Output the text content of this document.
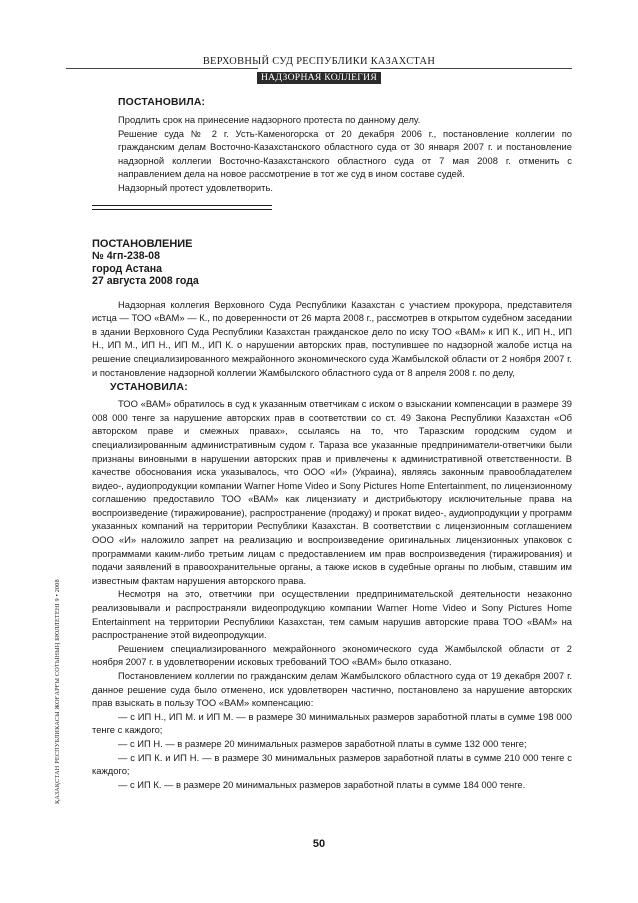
ВЕРХОВНЫЙ СУД РЕСПУБЛИКИ КАЗАХСТАН
НАДЗОРНАЯ КОЛЛЕГИЯ
ҚАЗАҚСТАН РЕСПУБЛИКАСЫ ЖОҒАРҒЫ СОТЫНЫҢ БЮЛЛЕТЕНІ 9 • 2008

ПОСТАНОВИЛА:

Продлить срок на принесение надзорного протеста по данному делу.

Решение суда № 2 г. Усть-Каменогорска от 20 декабря 2006 г., постановление коллегии по гражданским делам Восточно-Казахстанского областного суда от 30 января 2007 г. и постановление надзорной коллегии Восточно-Казахстанского областного суда от 7 мая 2008 г. отменить с направлением дела на новое рассмотрение в тот же суд в ином составе судей.

Надзорный протест удовлетворить.

ПОСТАНОВЛЕНИЕ
№ 4гп-238-08
город Астана
27 августа 2008 года

Надзорная коллегия Верховного Суда Республики Казахстан с участием прокурора, представителя истца — ТОО «ВАМ» — К., по доверенности от 26 марта 2008 г., рассмотрев в открытом судебном заседании в здании Верховного Суда Республики Казахстан гражданское дело по иску ТОО «ВАМ» к ИП К., ИП Н., ИП Н., ИП М., ИП Н., ИП М., ИП К. о нарушении авторских прав, поступившее по надзорной жалобе истца на решение специализированного межрайонного экономического суда Жамбылской области от 2 ноября 2007 г. и постановление надзорной коллегии Жамбылского областного суда от 8 апреля 2008 г. по делу,

УСТАНОВИЛА:

ТОО «ВАМ» обратилось в суд к указанным ответчикам с иском о взыскании компенсации в размере 39 008 000 тенге за нарушение авторских прав в соответствии со ст. 49 Закона Республики Казахстан «Об авторском праве и смежных правах», ссылаясь на то, что Таразским городским судом и специализированным административным судом г. Тараза все указанные предприниматели-ответчики были признаны виновными в нарушении авторских прав и привлечены к административной ответственности. В качестве обоснования иска указывалось, что ООО «И» (Украина), являясь законным правообладателем видео-, аудиопродукции компании Warner Home Video и Sony Pictures Home Entertainment, по лицензионному соглашению предоставило ТОО «ВАМ» как лицензиату и дистрибьютору исключительные права на воспроизведение (тиражирование), распространение (продажу) и прокат видео-, аудиопродукции у программ указанных компаний на территории Республики Казахстан. В соответствии с лицензионным соглашением ООО «И» наложило запрет на реализацию и воспроизведение оригинальных лицензионных упаковок с программами каким-либо третьим лицам с предоставлением им прав воспроизведения (тиражирования) и подачи заявлений в правоохранительные органы, а также исков в судебные органы по любым, ставшим им известным фактам нарушения авторского права.

Несмотря на это, ответчики при осуществлении предпринимательской деятельности незаконно реализовывали и распространяли видеопродукцию компании Warner Home Video и Sony Pictures Home Entertainment на территории Республики Казахстан, тем самым нарушив авторские права ТОО «ВАМ» на распространение этой видеопродукции.

Решением специализированного межрайонного экономического суда Жамбылской области от 2 ноября 2007 г. в удовлетворении исковых требований ТОО «ВАМ» было отказано.

Постановлением коллегии по гражданским делам Жамбылского областного суда от 19 декабря 2007 г. данное решение суда было отменено, иск удовлетворен частично, постановлено за нарушение авторских прав взыскать в пользу ТОО «ВАМ» компенсацию:

— с ИП Н., ИП М. и ИП М. — в размере 30 минимальных размеров заработной платы в сумме 198 000 тенге с каждого;

— с ИП Н. — в размере 20 минимальных размеров заработной платы в сумме 132 000 тенге;

— с ИП К. и ИП Н. — в размере 30 минимальных размеров заработной платы в сумме 210 000 тенге с каждого;

— с ИП К. — в размере 20 минимальных размеров заработной платы в сумме 184 000 тенге.

50
